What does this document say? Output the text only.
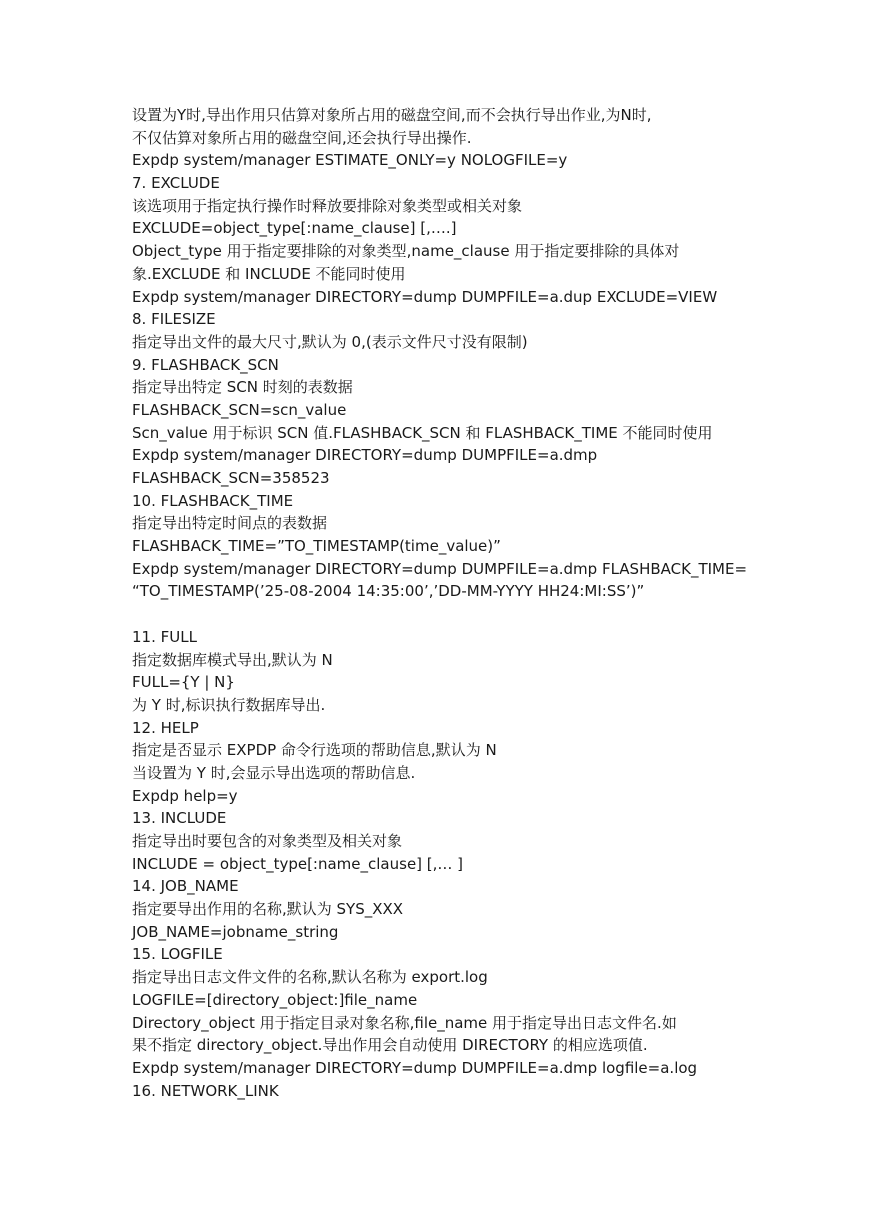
设置为Y时,导出作用只估算对象所占用的磁盘空间,而不会执行导出作业,为N时,
不仅估算对象所占用的磁盘空间,还会执行导出操作.
Expdp system/manager ESTIMATE_ONLY=y NOLOGFILE=y
7. EXCLUDE
该选项用于指定执行操作时释放要排除对象类型或相关对象
EXCLUDE=object_type[:name_clause] [,….]
Object_type 用于指定要排除的对象类型,name_clause 用于指定要排除的具体对
象.EXCLUDE 和 INCLUDE 不能同时使用
Expdp system/manager DIRECTORY=dump DUMPFILE=a.dup EXCLUDE=VIEW
8. FILESIZE
指定导出文件的最大尺寸,默认为 0,(表示文件尺寸没有限制)
9. FLASHBACK_SCN
指定导出特定 SCN 时刻的表数据
FLASHBACK_SCN=scn_value
Scn_value 用于标识 SCN 值.FLASHBACK_SCN 和 FLASHBACK_TIME 不能同时使用
Expdp system/manager DIRECTORY=dump DUMPFILE=a.dmp
FLASHBACK_SCN=358523
10. FLASHBACK_TIME
指定导出特定时间点的表数据
FLASHBACK_TIME=”TO_TIMESTAMP(time_value)”
Expdp system/manager DIRECTORY=dump DUMPFILE=a.dmp FLASHBACK_TIME=
“TO_TIMESTAMP(’25-08-2004 14:35:00’,’DD-MM-YYYY HH24:MI:SS’)”
11. FULL
指定数据库模式导出,默认为 N
FULL={Y | N}
为 Y 时,标识执行数据库导出.
12. HELP
指定是否显示 EXPDP 命令行选项的帮助信息,默认为 N
当设置为 Y 时,会显示导出选项的帮助信息.
Expdp help=y
13. INCLUDE
指定导出时要包含的对象类型及相关对象
INCLUDE = object_type[:name_clause] [,… ]
14. JOB_NAME
指定要导出作用的名称,默认为 SYS_XXX
JOB_NAME=jobname_string
15. LOGFILE
指定导出日志文件文件的名称,默认名称为 export.log
LOGFILE=[directory_object:]file_name
Directory_object 用于指定目录对象名称,file_name 用于指定导出日志文件名.如
果不指定 directory_object.导出作用会自动使用 DIRECTORY 的相应选项值.
Expdp system/manager DIRECTORY=dump DUMPFILE=a.dmp logfile=a.log
16. NETWORK_LINK
